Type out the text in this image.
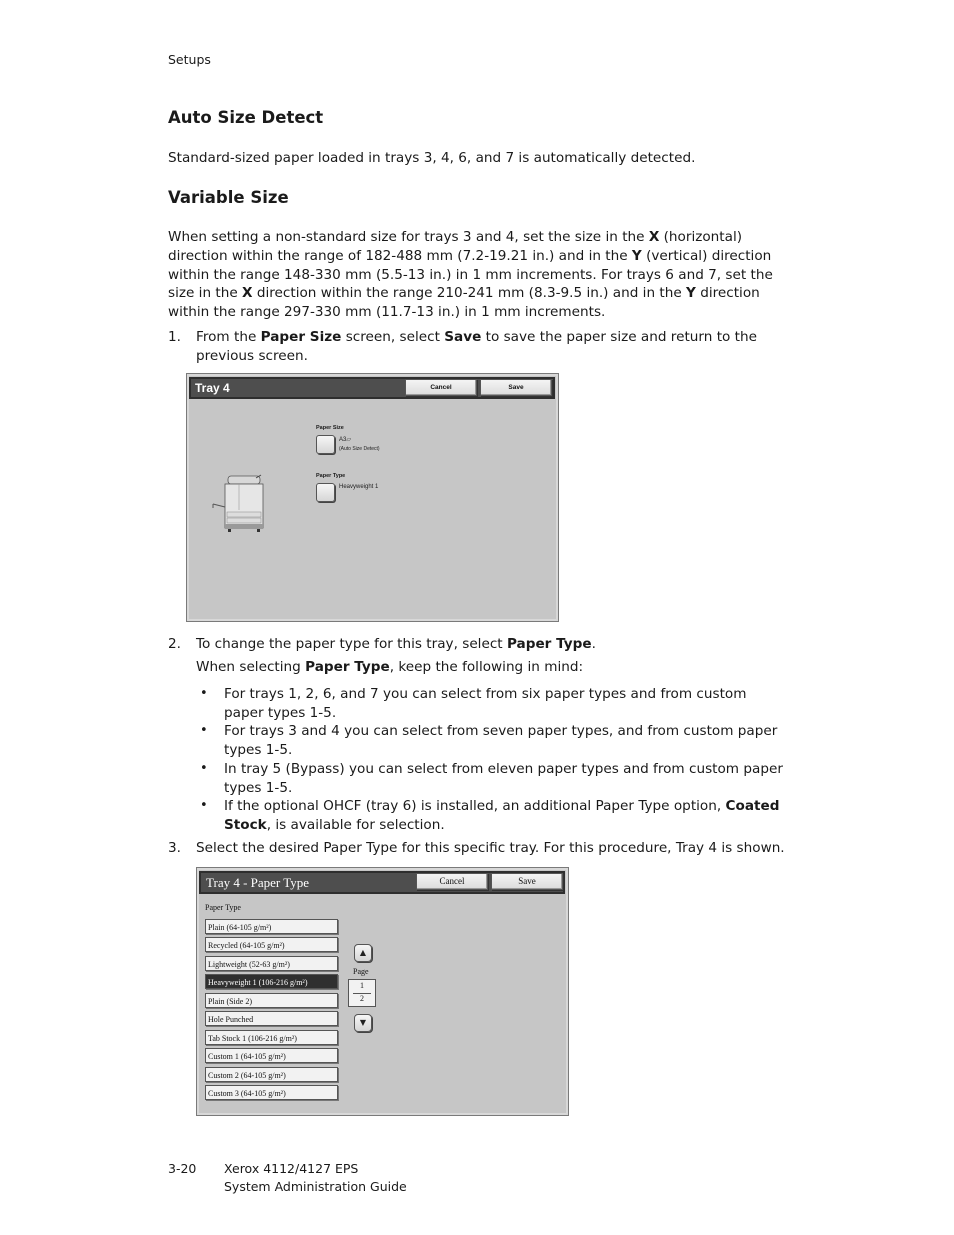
Setups
Auto Size Detect
Standard-sized paper loaded in trays 3, 4, 6, and 7 is automatically detected.
Variable Size
When setting a non-standard size for trays 3 and 4, set the size in the X (horizontal) direction within the range of 182-488 mm (7.2-19.21 in.) and in the Y (vertical) direction within the range 148-330 mm (5.5-13 in.) in 1 mm increments. For trays 6 and 7, set the size in the X direction within the range 210-241 mm (8.3-9.5 in.) and in the Y direction within the range 297-330 mm (11.7-13 in.) in 1 mm increments.
1. From the Paper Size screen, select Save to save the paper size and return to the previous screen.
Tray 4	Cancel	Save
Paper Size
A3▱
(Auto Size Detect)
Paper Type
Heavyweight 1
2. To change the paper type for this tray, select Paper Type.
When selecting Paper Type, keep the following in mind:
• For trays 1, 2, 6, and 7 you can select from six paper types and from custom paper types 1-5.
• For trays 3 and 4 you can select from seven paper types, and from custom paper types 1-5.
• In tray 5 (Bypass) you can select from eleven paper types and from custom paper types 1-5.
• If the optional OHCF (tray 6) is installed, an additional Paper Type option, Coated Stock, is available for selection.
3. Select the desired Paper Type for this specific tray. For this procedure, Tray 4 is shown.
Tray 4 - Paper Type	Cancel	Save
Paper Type
Plain (64-105 g/m²)
Recycled (64-105 g/m²)
Lightweight (52-63 g/m²)
Heavyweight 1 (106-216 g/m²)
Plain (Side 2)
Hole Punched
Tab Stock 1 (106-216 g/m²)
Custom 1 (64-105 g/m²)
Custom 2 (64-105 g/m²)
Custom 3 (64-105 g/m²)
▲
Page
1
2
▼
3-20 Xerox 4112/4127 EPS
System Administration Guide
